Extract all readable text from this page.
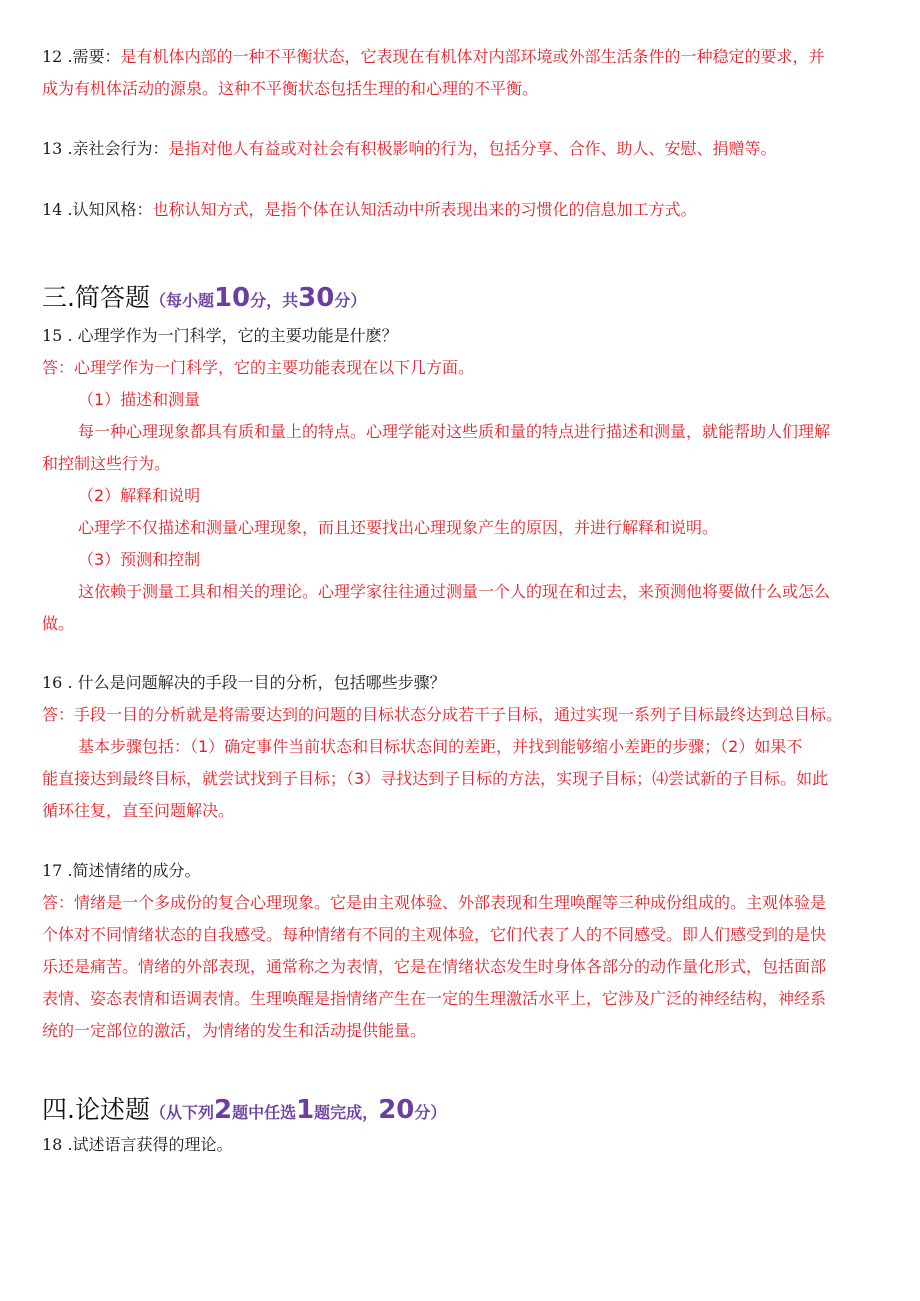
12 .需要：是有机体内部的一种不平衡状态，它表现在有机体对内部环境或外部生活条件的一种稳定的要求，并
成为有机体活动的源泉。这种不平衡状态包括生理的和心理的不平衡。
13 .亲社会行为：是指对他人有益或对社会有积极影响的行为，包括分享、合作、助人、安慰、捐赠等。
14 .认知风格：也称认知方式，是指个体在认知活动中所表现出来的习惯化的信息加工方式。
三.简答题（每小题10分，共30分）
15 . 心理学作为一门科学，它的主要功能是什麽？
答：心理学作为一门科学，它的主要功能表现在以下几方面。
（1）描述和测量
每一种心理现象都具有质和量上的特点。心理学能对这些质和量的特点进行描述和测量，就能帮助人们理解
和控制这些行为。
（2）解释和说明
心理学不仅描述和测量心理现象，而且还要找出心理现象产生的原因，并进行解释和说明。
（3）预测和控制
这依赖于测量工具和相关的理论。心理学家往往通过测量一个人的现在和过去，来预测他将要做什么或怎么
做。
16 . 什么是问题解决的手段一目的分析，包括哪些步骤？
答：手段一目的分析就是将需要达到的问题的目标状态分成若干子目标，通过实现一系列子目标最终达到总目标。
基本步骤包括：（1）确定事件当前状态和目标状态间的差距，并找到能够缩小差距的步骤；（2）如果不
能直接达到最终目标，就尝试找到子目标；（3）寻找达到子目标的方法，实现子目标；⑷尝试新的子目标。如此
循环往复，直至问题解决。
17 .简述情绪的成分。
答：情绪是一个多成份的复合心理现象。它是由主观体验、外部表现和生理唤醒等三种成份组成的。主观体验是
个体对不同情绪状态的自我感受。每种情绪有不同的主观体验，它们代表了人的不同感受。即人们感受到的是快
乐还是痛苦。情绪的外部表现，通常称之为表情，它是在情绪状态发生时身体各部分的动作量化形式，包括面部
表情、姿态表情和语调表情。生理唤醒是指情绪产生在一定的生理激活水平上，它涉及广泛的神经结构，神经系
统的一定部位的激活，为情绪的发生和活动提供能量。
四.论述题（从下列2题中任选1题完成，20分）
18 .试述语言获得的理论。
